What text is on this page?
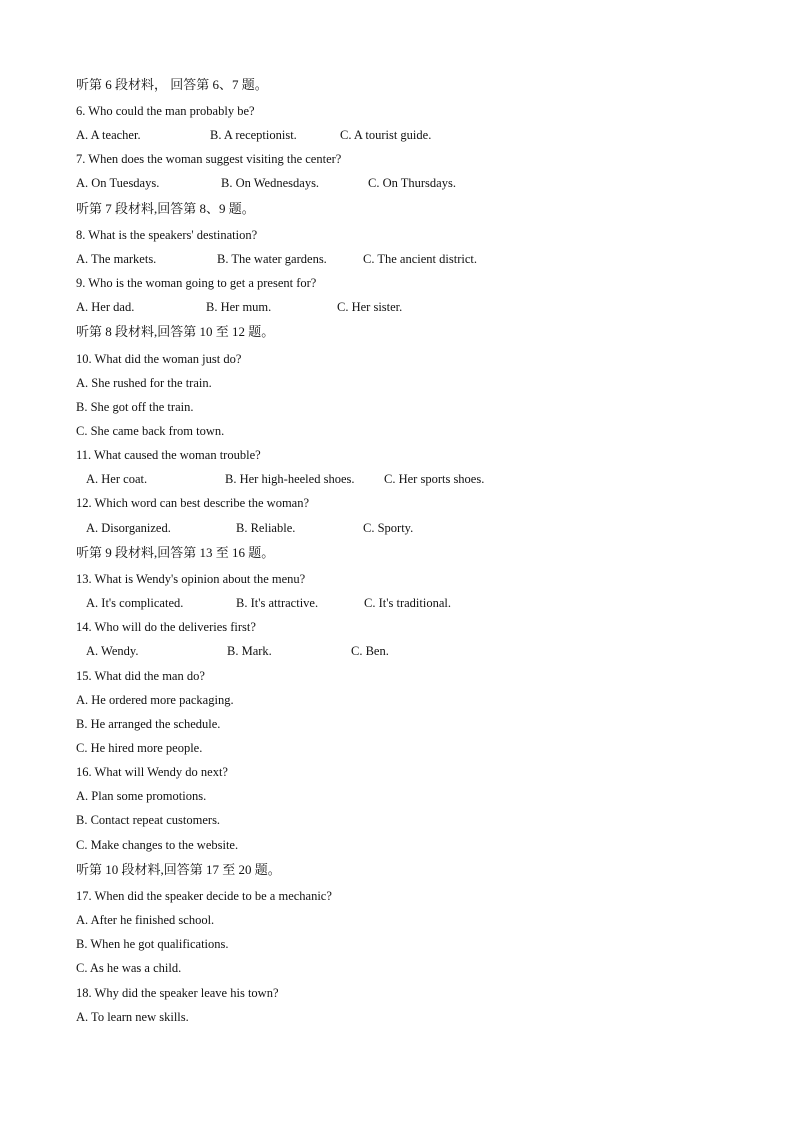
听第 6 段材料， 回答第 6、7 题。
6. Who could the man probably be?
A. A teacher.	B. A receptionist.	C. A tourist guide.
7. When does the woman suggest visiting the center?
A. On Tuesdays.	B. On Wednesdays.	C. On Thursdays.
听第 7 段材料,回答第 8、9 题。
8. What is the speakers' destination?
A. The markets.	B. The water gardens.	C. The ancient district.
9. Who is the woman going to get a present for?
A. Her dad.	B. Her mum.	C. Her sister.
听第 8 段材料,回答第 10 至 12 题。
10. What did the woman just do?
A. She rushed for the train.
B. She got off the train.
C. She came back from town.
11. What caused the woman trouble?
A. Her coat.	B. Her high-heeled shoes. C. Her sports shoes.
12. Which word can best describe the woman?
A. Disorganized.	B. Reliable.	C. Sporty.
听第 9 段材料,回答第 13 至 16 题。
13. What is Wendy's opinion about the menu?
A. It's complicated.	B. It's attractive.	C. It's traditional.
14. Who will do the deliveries first?
A. Wendy.	B. Mark.	C. Ben.
15. What did the man do?
A. He ordered more packaging.
B. He arranged the schedule.
C. He hired more people.
16. What will Wendy do next?
A. Plan some promotions.
B. Contact repeat customers.
C. Make changes to the website.
听第 10 段材料,回答第 17 至 20 题。
17. When did the speaker decide to be a mechanic?
A. After he finished school.
B. When he got qualifications.
C. As he was a child.
18. Why did the speaker leave his town?
A. To learn new skills.
